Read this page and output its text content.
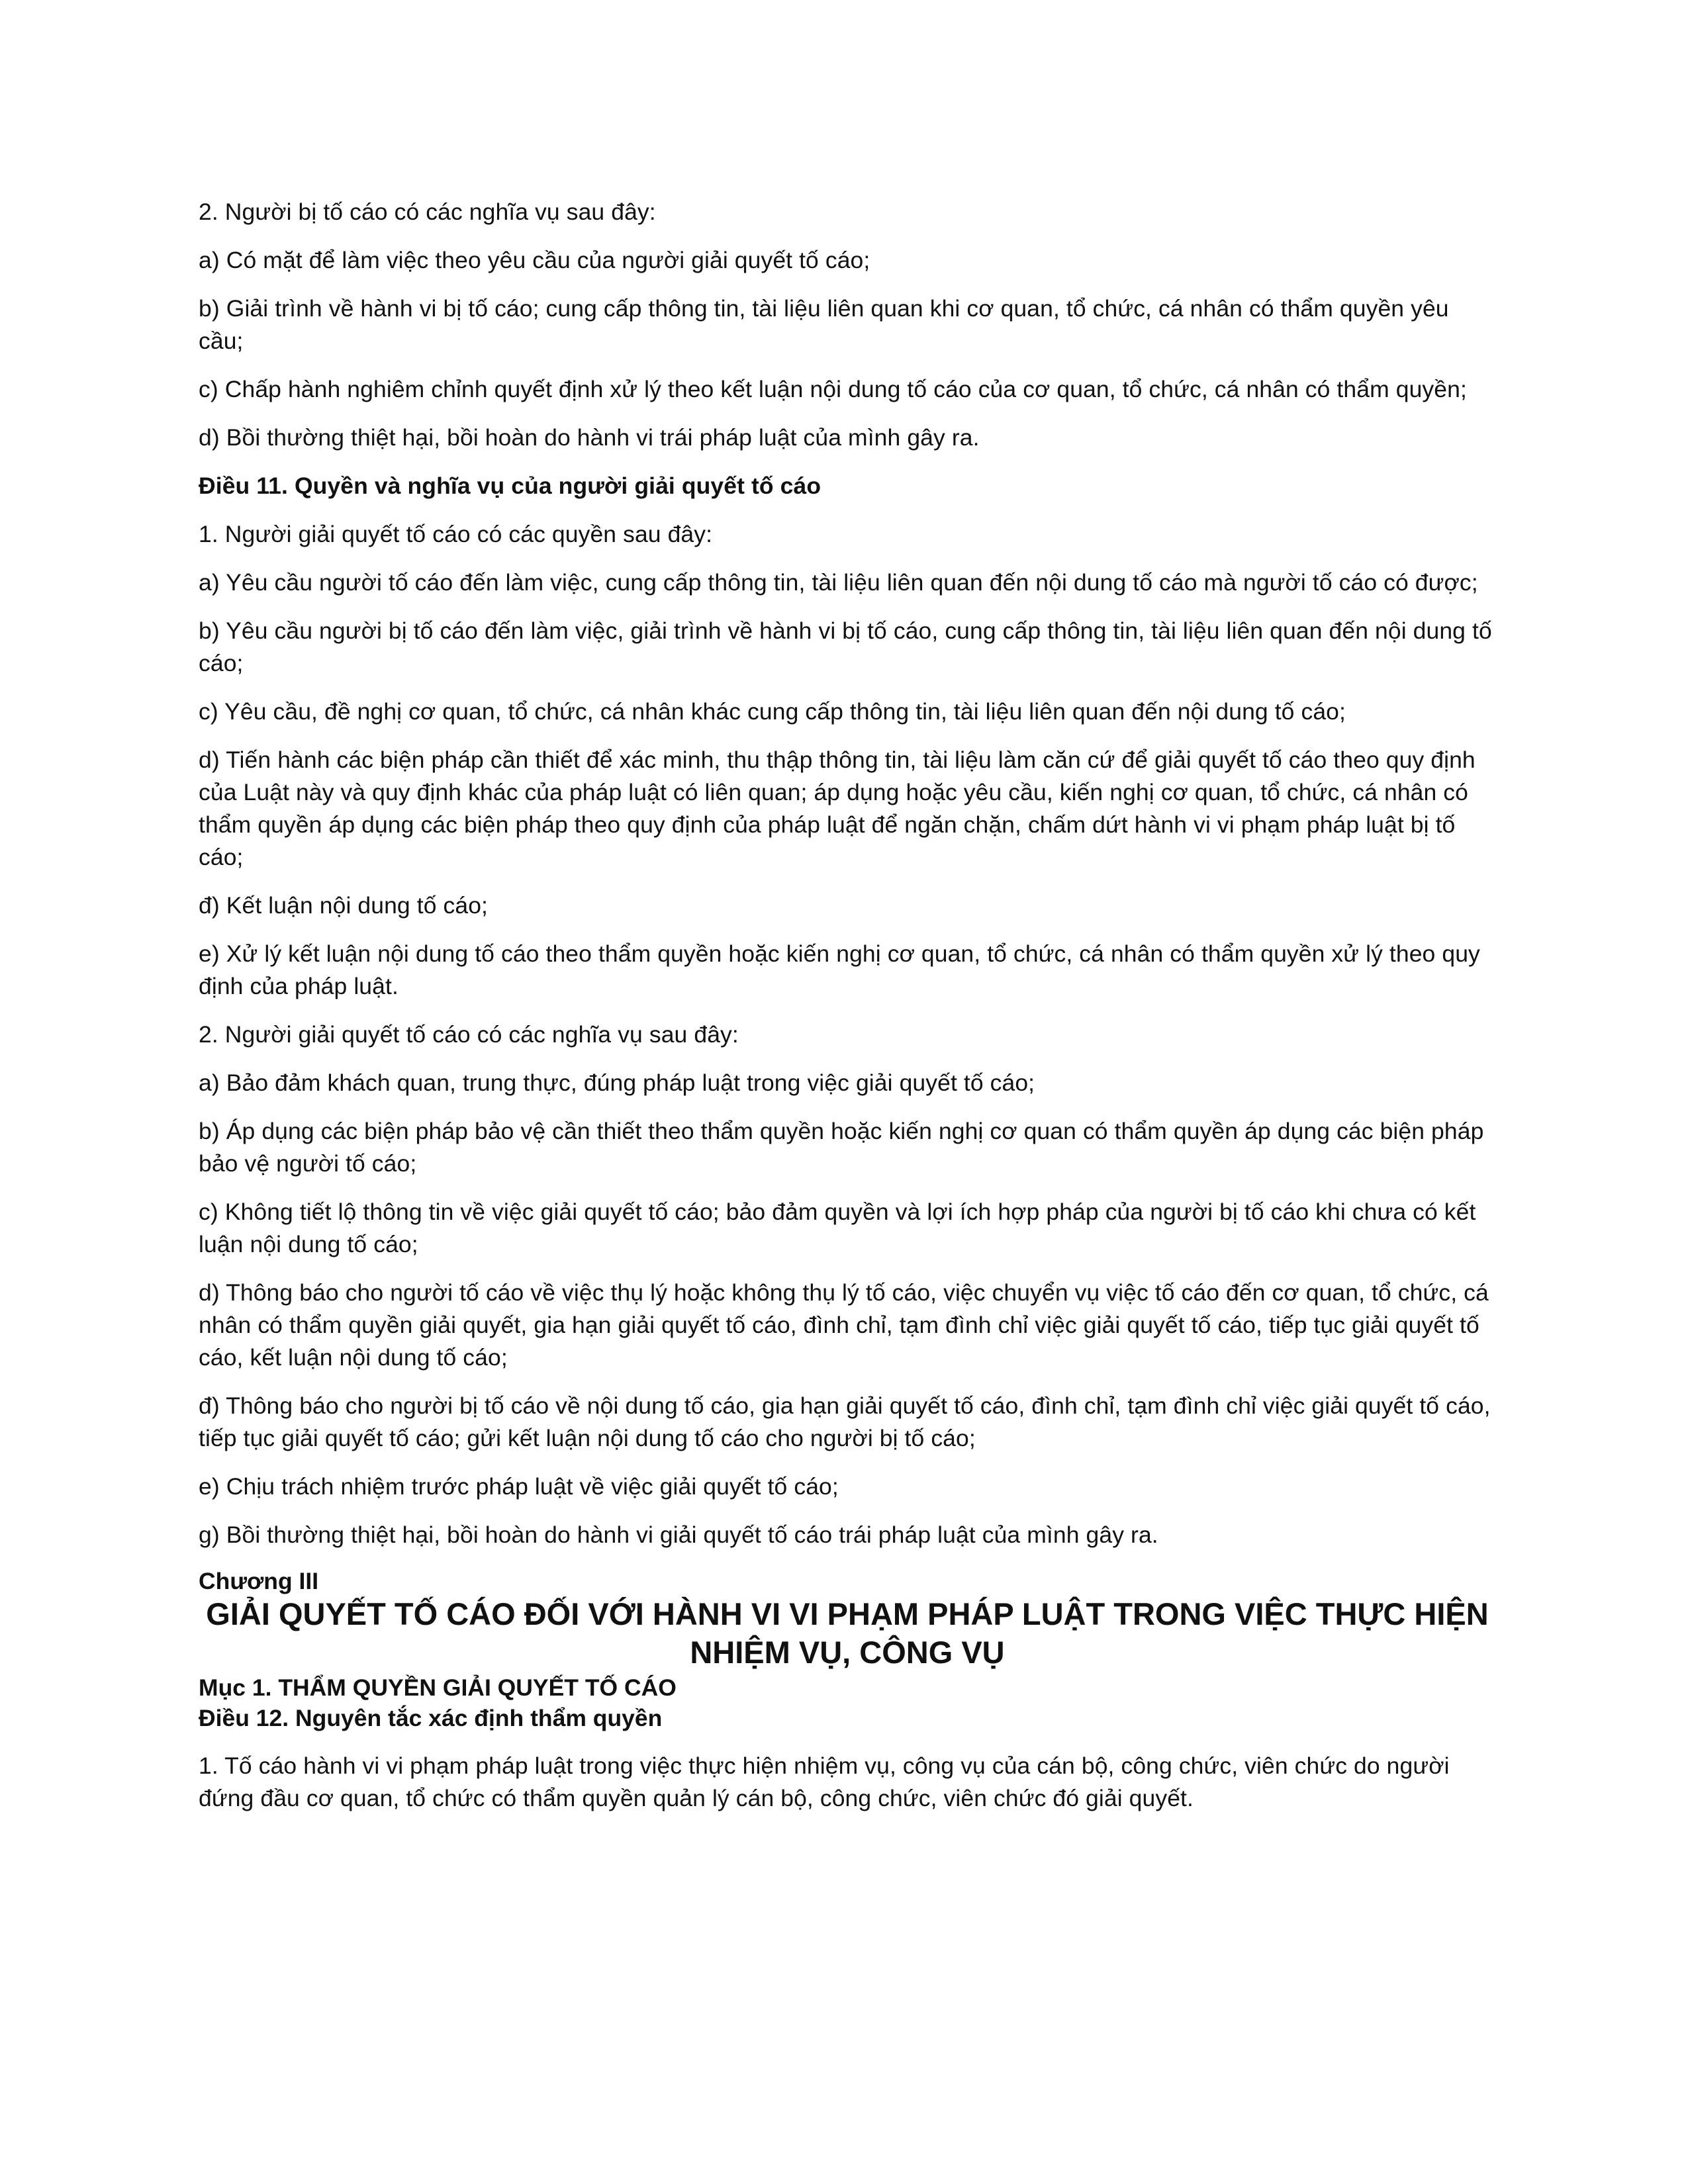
2. Người bị tố cáo có các nghĩa vụ sau đây:

a) Có mặt để làm việc theo yêu cầu của người giải quyết tố cáo;

b) Giải trình về hành vi bị tố cáo; cung cấp thông tin, tài liệu liên quan khi cơ quan, tổ chức, cá nhân có thẩm quyền yêu cầu;

c) Chấp hành nghiêm chỉnh quyết định xử lý theo kết luận nội dung tố cáo của cơ quan, tổ chức, cá nhân có thẩm quyền;

d) Bồi thường thiệt hại, bồi hoàn do hành vi trái pháp luật của mình gây ra.

Điều 11. Quyền và nghĩa vụ của người giải quyết tố cáo

1. Người giải quyết tố cáo có các quyền sau đây:

a) Yêu cầu người tố cáo đến làm việc, cung cấp thông tin, tài liệu liên quan đến nội dung tố cáo mà người tố cáo có được;

b) Yêu cầu người bị tố cáo đến làm việc, giải trình về hành vi bị tố cáo, cung cấp thông tin, tài liệu liên quan đến nội dung tố cáo;

c) Yêu cầu, đề nghị cơ quan, tổ chức, cá nhân khác cung cấp thông tin, tài liệu liên quan đến nội dung tố cáo;

d) Tiến hành các biện pháp cần thiết để xác minh, thu thập thông tin, tài liệu làm căn cứ để giải quyết tố cáo theo quy định của Luật này và quy định khác của pháp luật có liên quan; áp dụng hoặc yêu cầu, kiến nghị cơ quan, tổ chức, cá nhân có thẩm quyền áp dụng các biện pháp theo quy định của pháp luật để ngăn chặn, chấm dứt hành vi vi phạm pháp luật bị tố cáo;

đ) Kết luận nội dung tố cáo;

e) Xử lý kết luận nội dung tố cáo theo thẩm quyền hoặc kiến nghị cơ quan, tổ chức, cá nhân có thẩm quyền xử lý theo quy định của pháp luật.

2. Người giải quyết tố cáo có các nghĩa vụ sau đây:

a) Bảo đảm khách quan, trung thực, đúng pháp luật trong việc giải quyết tố cáo;

b) Áp dụng các biện pháp bảo vệ cần thiết theo thẩm quyền hoặc kiến nghị cơ quan có thẩm quyền áp dụng các biện pháp bảo vệ người tố cáo;

c) Không tiết lộ thông tin về việc giải quyết tố cáo; bảo đảm quyền và lợi ích hợp pháp của người bị tố cáo khi chưa có kết luận nội dung tố cáo;

d) Thông báo cho người tố cáo về việc thụ lý hoặc không thụ lý tố cáo, việc chuyển vụ việc tố cáo đến cơ quan, tổ chức, cá nhân có thẩm quyền giải quyết, gia hạn giải quyết tố cáo, đình chỉ, tạm đình chỉ việc giải quyết tố cáo, tiếp tục giải quyết tố cáo, kết luận nội dung tố cáo;

đ) Thông báo cho người bị tố cáo về nội dung tố cáo, gia hạn giải quyết tố cáo, đình chỉ, tạm đình chỉ việc giải quyết tố cáo, tiếp tục giải quyết tố cáo; gửi kết luận nội dung tố cáo cho người bị tố cáo;

e) Chịu trách nhiệm trước pháp luật về việc giải quyết tố cáo;

g) Bồi thường thiệt hại, bồi hoàn do hành vi giải quyết tố cáo trái pháp luật của mình gây ra.

Chương III

GIẢI QUYẾT TỐ CÁO ĐỐI VỚI HÀNH VI VI PHẠM PHÁP LUẬT TRONG VIỆC THỰC HIỆN NHIỆM VỤ, CÔNG VỤ

Mục 1. THẨM QUYỀN GIẢI QUYẾT TỐ CÁO

Điều 12. Nguyên tắc xác định thẩm quyền

1. Tố cáo hành vi vi phạm pháp luật trong việc thực hiện nhiệm vụ, công vụ của cán bộ, công chức, viên chức do người đứng đầu cơ quan, tổ chức có thẩm quyền quản lý cán bộ, công chức, viên chức đó giải quyết.
